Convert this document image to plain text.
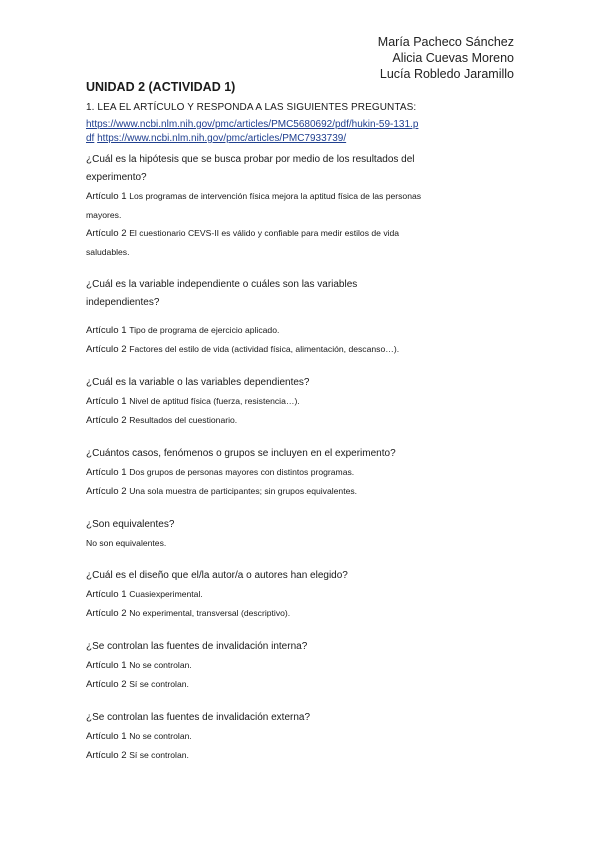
María Pacheco Sánchez
Alicia Cuevas Moreno
Lucía Robledo Jaramillo
UNIDAD 2 (ACTIVIDAD 1)
1. LEA EL ARTÍCULO Y RESPONDA A LAS SIGUIENTES PREGUNTAS:
https://www.ncbi.nlm.nih.gov/pmc/articles/PMC5680692/pdf/hukin-59-131.p
df https://www.ncbi.nlm.nih.gov/pmc/articles/PMC7933739/

¿Cuál es la hipótesis que se busca probar por medio de los resultados del

experimento?

Artículo 1 Los programas de intervención física mejora la aptitud física de las personas

mayores.

Artículo 2 El cuestionario CEVS-II es válido y confiable para medir estilos de vida

saludables.

¿Cuál es la variable independiente o cuáles son las variables

independientes?

Artículo 1 Tipo de programa de ejercicio aplicado.

Artículo 2 Factores del estilo de vida (actividad física, alimentación, descanso…).

¿Cuál es la variable o las variables dependientes?

Artículo 1 Nivel de aptitud física (fuerza, resistencia…).

Artículo 2 Resultados del cuestionario.

¿Cuántos casos, fenómenos o grupos se incluyen en el experimento?

Artículo 1 Dos grupos de personas mayores con distintos programas.

Artículo 2 Una sola muestra de participantes; sin grupos equivalentes.

¿Son equivalentes?

No son equivalentes.

¿Cuál es el diseño que el/la autor/a o autores han elegido?

Artículo 1 Cuasiexperimental.

Artículo 2 No experimental, transversal (descriptivo).

¿Se controlan las fuentes de invalidación interna?

Artículo 1 No se controlan.

Artículo 2 Sí se controlan.

¿Se controlan las fuentes de invalidación externa?

Artículo 1 No se controlan.

Artículo 2 Sí se controlan.
